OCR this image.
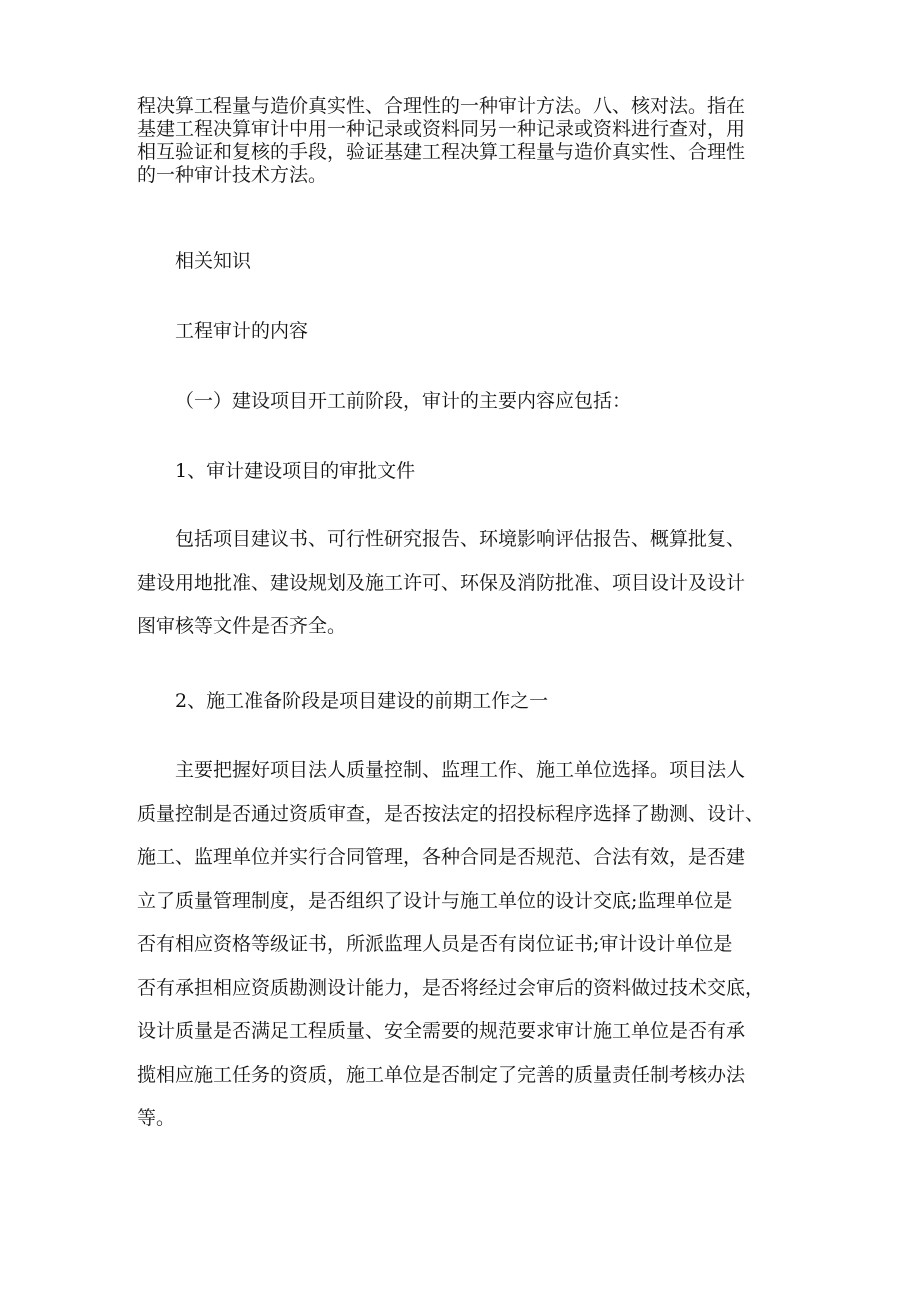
程决算工程量与造价真实性、合理性的一种审计方法。八、核对法。指在
基建工程决算审计中用一种记录或资料同另一种记录或资料进行查对，用
相互验证和复核的手段，验证基建工程决算工程量与造价真实性、合理性
的一种审计技术方法。

相关知识

工程审计的内容

（一）建设项目开工前阶段，审计的主要内容应包括：

1、审计建设项目的审批文件

包括项目建议书、可行性研究报告、环境影响评估报告、概算批复、
建设用地批准、建设规划及施工许可、环保及消防批准、项目设计及设计
图审核等文件是否齐全。

2、施工准备阶段是项目建设的前期工作之一

主要把握好项目法人质量控制、监理工作、施工单位选择。项目法人
质量控制是否通过资质审查，是否按法定的招投标程序选择了勘测、设计、
施工、监理单位并实行合同管理，各种合同是否规范、合法有效，是否建
立了质量管理制度，是否组织了设计与施工单位的设计交底;监理单位是
否有相应资格等级证书，所派监理人员是否有岗位证书;审计设计单位是
否有承担相应资质勘测设计能力，是否将经过会审后的资料做过技术交底，
设计质量是否满足工程质量、安全需要的规范要求审计施工单位是否有承
揽相应施工任务的资质，施工单位是否制定了完善的质量责任制考核办法
等。
